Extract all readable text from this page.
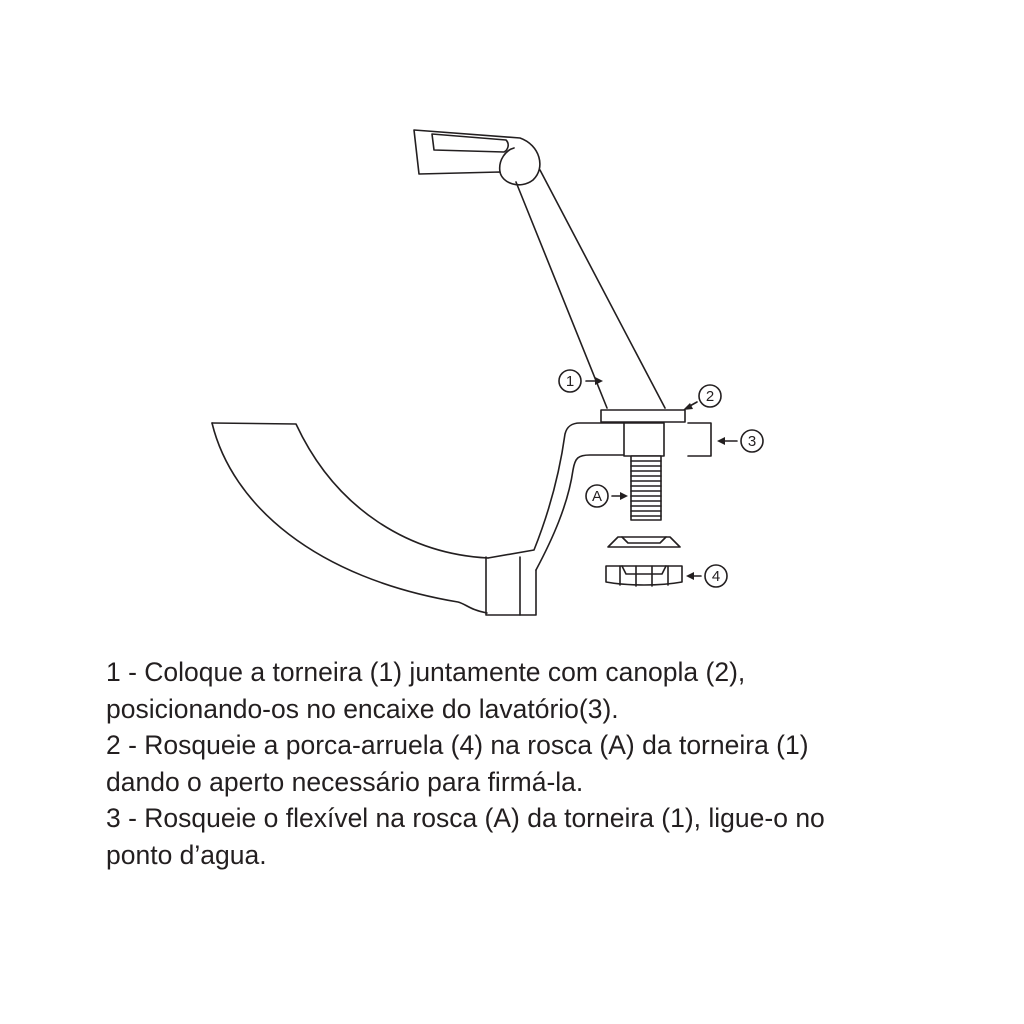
1
2
3
A
4
1 - Coloque a torneira (1) juntamente com canopla (2),
posicionando-os no encaixe do lavatório(3).
2 - Rosqueie a porca-arruela (4) na rosca (A) da torneira (1)
dando o aperto necessário para firmá-la.
3 - Rosqueie o flexível na rosca (A) da torneira (1), ligue-o no
ponto d’agua.
